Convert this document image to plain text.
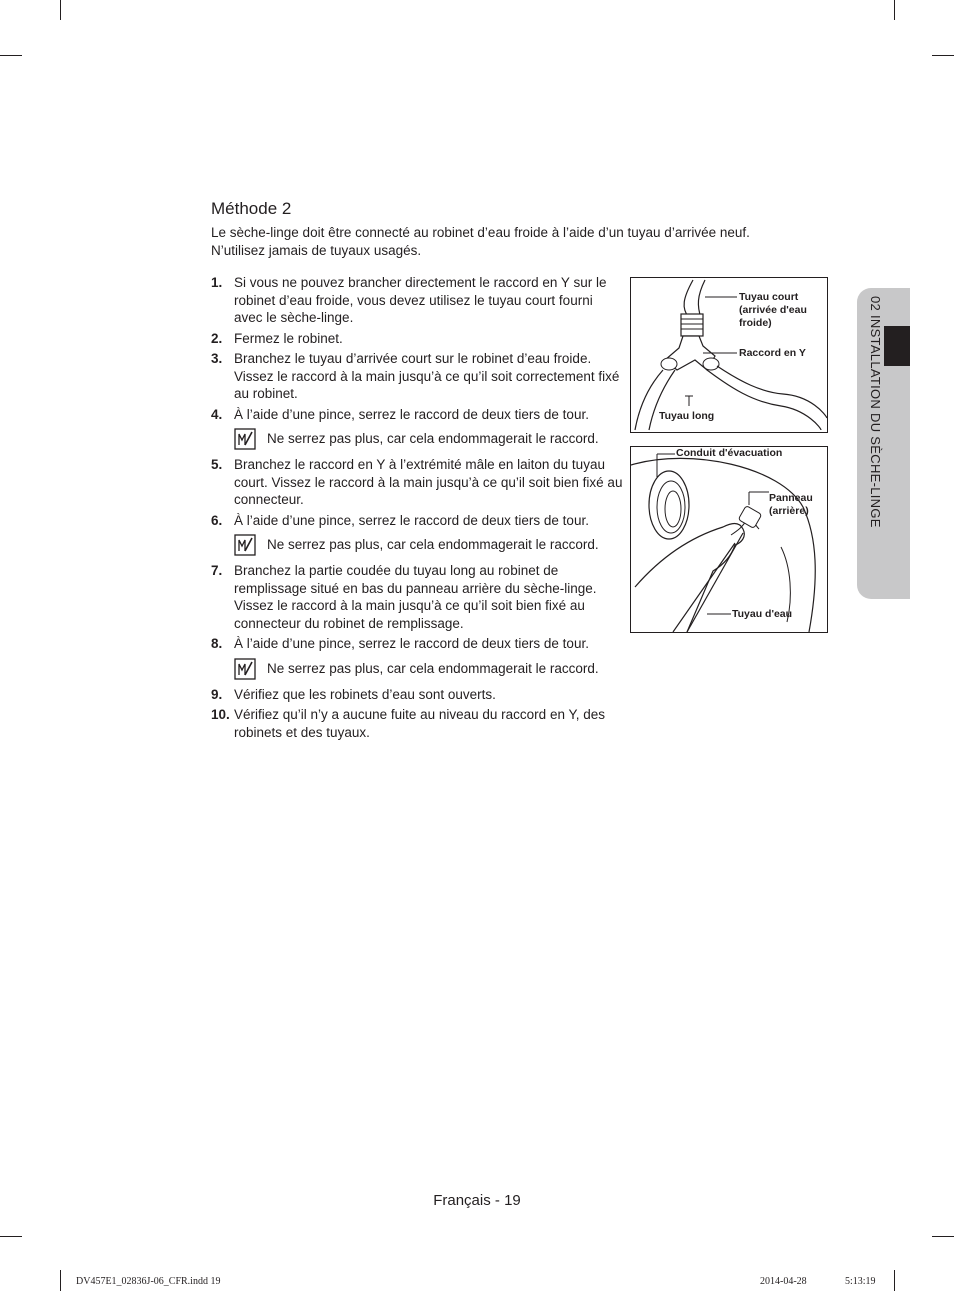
Méthode 2
Le sèche-linge doit être connecté au robinet d’eau froide à l’aide d’un tuyau d’arrivée neuf.
N’utilisez jamais de tuyaux usagés.
1. Si vous ne pouvez brancher directement le raccord en Y sur le robinet d’eau froide, vous devez utilisez le tuyau court fourni avec le sèche-linge.
2. Fermez le robinet.
3. Branchez le tuyau d’arrivée court sur le robinet d’eau froide. Vissez le raccord à la main jusqu’à ce qu’il soit correctement fixé au robinet.
4. À l’aide d’une pince, serrez le raccord de deux tiers de tour.
Ne serrez pas plus, car cela endommagerait le raccord.
5. Branchez le raccord en Y à l’extrémité mâle en laiton du tuyau court. Vissez le raccord à la main jusqu’à ce qu’il soit bien fixé au connecteur.
6. À l’aide d’une pince, serrez le raccord de deux tiers de tour.
Ne serrez pas plus, car cela endommagerait le raccord.
7. Branchez la partie coudée du tuyau long au robinet de remplissage situé en bas du panneau arrière du sèche-linge. Vissez le raccord à la main jusqu’à ce qu’il soit bien fixé au connecteur du robinet de remplissage.
8. À l’aide d’une pince, serrez le raccord de deux tiers de tour.
Ne serrez pas plus, car cela endommagerait le raccord.
9. Vérifiez que les robinets d’eau sont ouverts.
10. Vérifiez qu’il n’y a aucune fuite au niveau du raccord en Y, des robinets et des tuyaux.
Tuyau court (arrivée d'eau froide)
Raccord en Y
Tuyau long
Conduit d'évacuation
Panneau (arrière)
Tuyau d'eau
02 INSTALLATION DU SÈCHE-LINGE
Français - 19
DV457E1_02836J-06_CFR.indd 19	2014-04-28	5:13:19
